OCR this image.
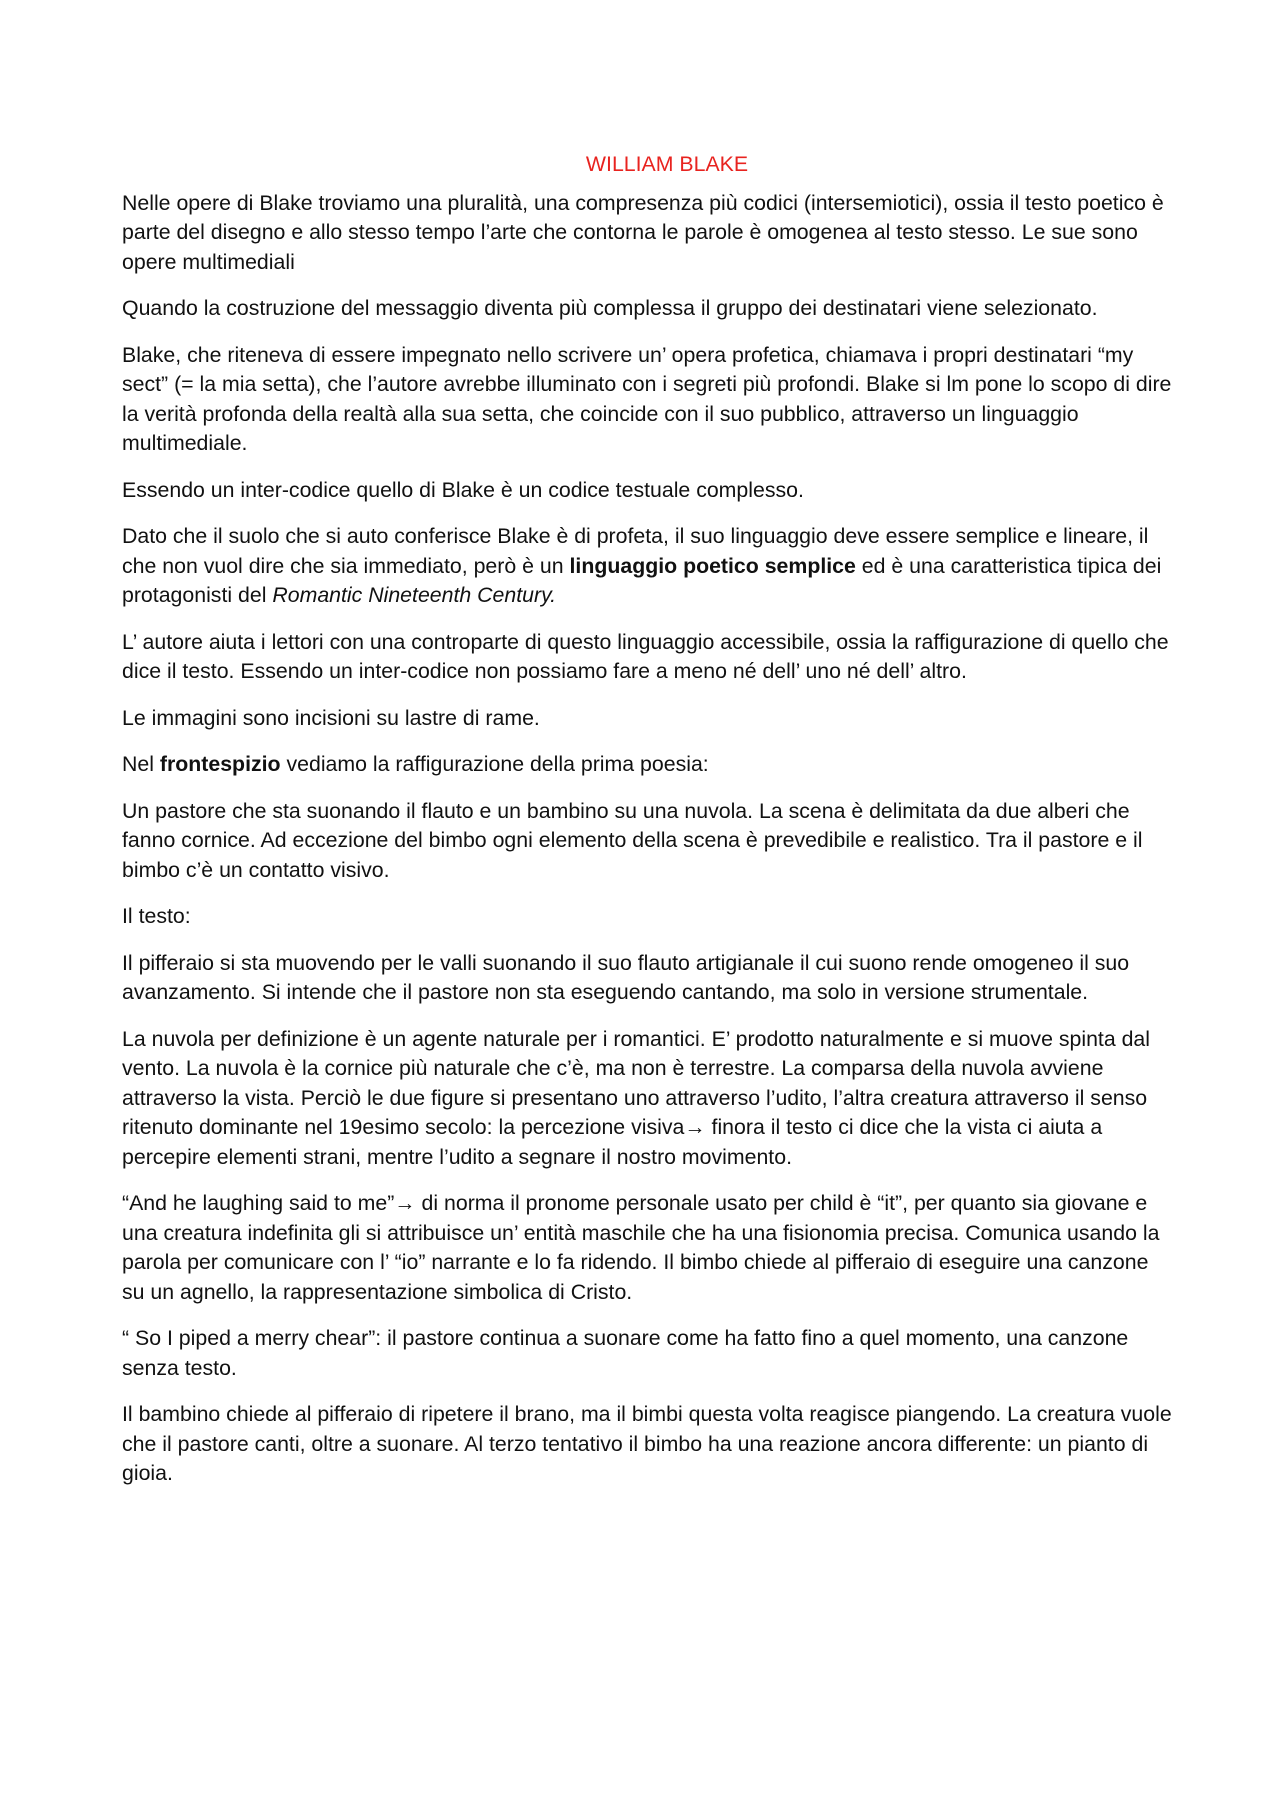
WILLIAM BLAKE

Nelle opere di Blake troviamo una pluralità, una compresenza più codici (intersemiotici), ossia il testo poetico è parte del disegno e allo stesso tempo l’arte che contorna le parole è omogenea al testo stesso. Le sue sono opere multimediali

Quando la costruzione del messaggio diventa più complessa il gruppo dei destinatari viene selezionato.

Blake, che riteneva di essere impegnato nello scrivere un’ opera profetica, chiamava i propri destinatari “my sect” (= la mia setta), che l’autore avrebbe illuminato con i segreti più profondi. Blake si lm pone lo scopo di dire la verità profonda della realtà alla sua setta, che coincide con il suo pubblico, attraverso un linguaggio multimediale.

Essendo un inter-codice quello di Blake è un codice testuale complesso.

Dato che il suolo che si auto conferisce Blake è di profeta, il suo linguaggio deve essere semplice e lineare, il che non vuol dire che sia immediato, però è un linguaggio poetico semplice ed è una caratteristica tipica dei protagonisti del Romantic Nineteenth Century.

L’ autore aiuta i lettori con una controparte di questo linguaggio accessibile, ossia la raffigurazione di quello che dice il testo. Essendo un inter-codice non possiamo fare a meno né dell’ uno né dell’ altro.

Le immagini sono incisioni su lastre di rame.

Nel frontespizio vediamo la raffigurazione della prima poesia:

Un pastore che sta suonando il flauto e un bambino su una nuvola. La scena è delimitata da due alberi che fanno cornice. Ad eccezione del bimbo ogni elemento della scena è prevedibile e realistico. Tra il pastore e il bimbo c’è un contatto visivo.

Il testo:

Il pifferaio si sta muovendo per le valli suonando il suo flauto artigianale il cui suono rende omogeneo il suo avanzamento. Si intende che il pastore non sta eseguendo cantando, ma solo in versione strumentale.

La nuvola per definizione è un agente naturale per i romantici. E’ prodotto naturalmente e si muove spinta dal vento. La nuvola è la cornice più naturale che c’è, ma non è terrestre. La comparsa della nuvola avviene attraverso la vista. Perciò le due figure si presentano uno attraverso l’udito, l’altra creatura attraverso il senso ritenuto dominante nel 19esimo secolo: la percezione visiva→ finora il testo ci dice che la vista ci aiuta a percepire elementi strani, mentre l’udito a segnare il nostro movimento.

“And he laughing said to me”→ di norma il pronome personale usato per child è “it”, per quanto sia giovane e una creatura indefinita gli si attribuisce un’ entità maschile che ha una fisionomia precisa. Comunica usando la parola per comunicare con l’ “io” narrante e lo fa ridendo. Il bimbo chiede al pifferaio di eseguire una canzone su un agnello, la rappresentazione simbolica di Cristo.

“ So I piped a merry chear”: il pastore continua a suonare come ha fatto fino a quel momento, una canzone senza testo.

Il bambino chiede al pifferaio di ripetere il brano, ma il bimbi questa volta reagisce piangendo. La creatura vuole che il pastore canti, oltre a suonare. Al terzo tentativo il bimbo ha una reazione ancora differente: un pianto di gioia.
